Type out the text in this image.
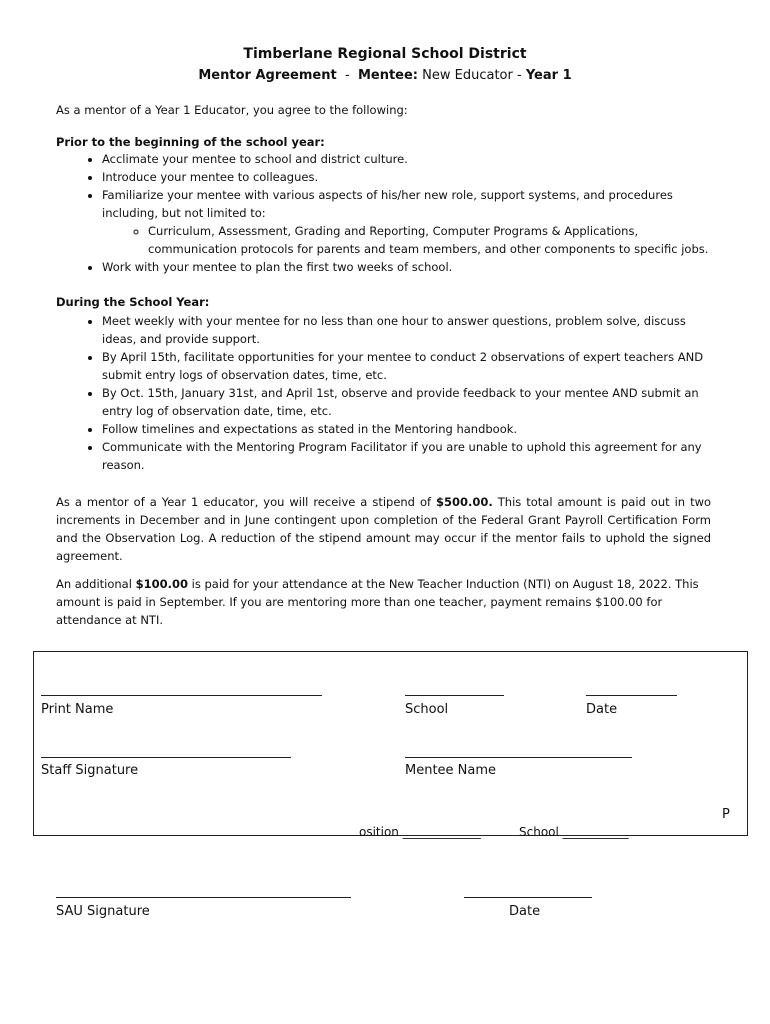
Timberlane Regional School District
Mentor Agreement - Mentee: New Educator - Year 1
As a mentor of a Year 1 Educator, you agree to the following:
Prior to the beginning of the school year:
• Acclimate your mentee to school and district culture.
• Introduce your mentee to colleagues.
• Familiarize your mentee with various aspects of his/her new role, support systems, and procedures including, but not limited to:
◦ Curriculum, Assessment, Grading and Reporting, Computer Programs & Applications, communication protocols for parents and team members, and other components to specific jobs.
• Work with your mentee to plan the first two weeks of school.
During the School Year:
• Meet weekly with your mentee for no less than one hour to answer questions, problem solve, discuss ideas, and provide support.
• By April 15th, facilitate opportunities for your mentee to conduct 2 observations of expert teachers AND submit entry logs of observation dates, time, etc.
• By Oct. 15th, January 31st, and April 1st, observe and provide feedback to your mentee AND submit an entry log of observation date, time, etc.
• Follow timelines and expectations as stated in the Mentoring handbook.
• Communicate with the Mentoring Program Facilitator if you are unable to uphold this agreement for any reason.
As a mentor of a Year 1 educator, you will receive a stipend of $500.00. This total amount is paid out in two increments in December and in June contingent upon completion of the Federal Grant Payroll Certification Form and the Observation Log. A reduction of the stipend amount may occur if the mentor fails to uphold the signed agreement.
An additional $100.00 is paid for your attendance at the New Teacher Induction (NTI) on August 18, 2022. This amount is paid in September. If you are mentoring more than one teacher, payment remains $100.00 for attendance at NTI.
Print Name	School	Date
Staff Signature	Mentee Name
P
osition _____________	School ___________
SAU Signature	Date
